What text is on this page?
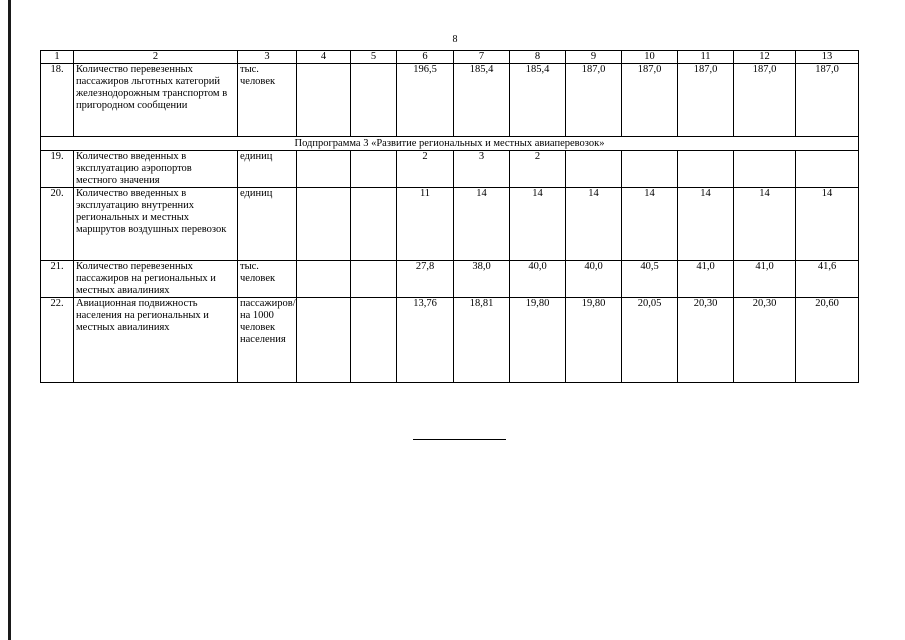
8
1	2	3	4	5	6	7	8	9	10	11	12	13
18.	Количество перевезенных пассажиров льготных категорий железнодорожным транспортом в пригородном сообщении	тыс. человек			196,5	185,4	185,4	187,0	187,0	187,0	187,0	187,0
Подпрограмма 3 «Развитие региональных и местных авиаперевозок»												
19.	Количество введенных в эксплуатацию аэропортов местного значения	единиц			2	3	2					
20.	Количество введенных в эксплуатацию внутренних региональных и местных маршрутов воздушных перевозок	единиц			11	14	14	14	14	14	14	14
21.	Количество перевезенных пассажиров на региональных и местных авиалиниях	тыс. человек			27,8	38,0	40,0	40,0	40,5	41,0	41,0	41,6
22.	Авиационная подвижность населения на региональных и местных авиалиниях	пассажиров/на 1000 человек населения			13,76	18,81	19,80	19,80	20,05	20,30	20,30	20,60
